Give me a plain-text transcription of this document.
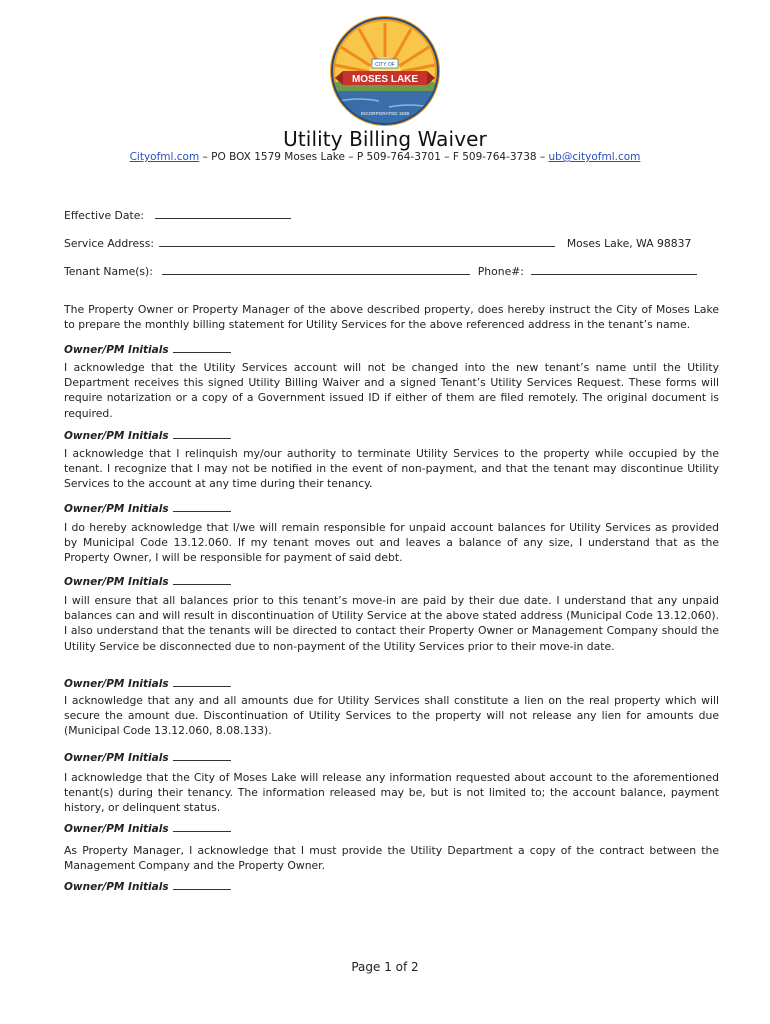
MOSES LAKE
CITY OF
INCORPORATED 1938
Utility Billing Waiver
Cityofml.com – PO BOX 1579 Moses Lake – P 509-764-3701 – F 509-764-3738 – ub@cityofml.com
Effective Date:
Service Address:	Moses Lake, WA 98837
Tenant Name(s):	Phone#:
The Property Owner or Property Manager of the above described property, does hereby instruct the City of Moses Lake to prepare the monthly billing statement for Utility Services for the above referenced address in the tenant’s name.
Owner/PM Initials
I acknowledge that the Utility Services account will not be changed into the new tenant’s name until the Utility Department receives this signed Utility Billing Waiver and a signed Tenant’s Utility Services Request. These forms will require notarization or a copy of a Government issued ID if either of them are filed remotely. The original document is required.
Owner/PM Initials
I acknowledge that I relinquish my/our authority to terminate Utility Services to the property while occupied by the tenant. I recognize that I may not be notified in the event of non-payment, and that the tenant may discontinue Utility Services to the account at any time during their tenancy.
Owner/PM Initials
I do hereby acknowledge that I/we will remain responsible for unpaid account balances for Utility Services as provided by Municipal Code 13.12.060. If my tenant moves out and leaves a balance of any size, I understand that as the Property Owner, I will be responsible for payment of said debt.
Owner/PM Initials
I will ensure that all balances prior to this tenant’s move-in are paid by their due date. I understand that any unpaid balances can and will result in discontinuation of Utility Service at the above stated address (Municipal Code 13.12.060). I also understand that the tenants will be directed to contact their Property Owner or Management Company should the Utility Service be disconnected due to non-payment of the Utility Services prior to their move-in date.
Owner/PM Initials
I acknowledge that any and all amounts due for Utility Services shall constitute a lien on the real property which will secure the amount due. Discontinuation of Utility Services to the property will not release any lien for amounts due (Municipal Code 13.12.060, 8.08.133).
Owner/PM Initials
I acknowledge that the City of Moses Lake will release any information requested about account to the aforementioned tenant(s) during their tenancy. The information released may be, but is not limited to; the account balance, payment history, or delinquent status.
Owner/PM Initials
As Property Manager, I acknowledge that I must provide the Utility Department a copy of the contract between the Management Company and the Property Owner.
Owner/PM Initials
Page 1 of 2
